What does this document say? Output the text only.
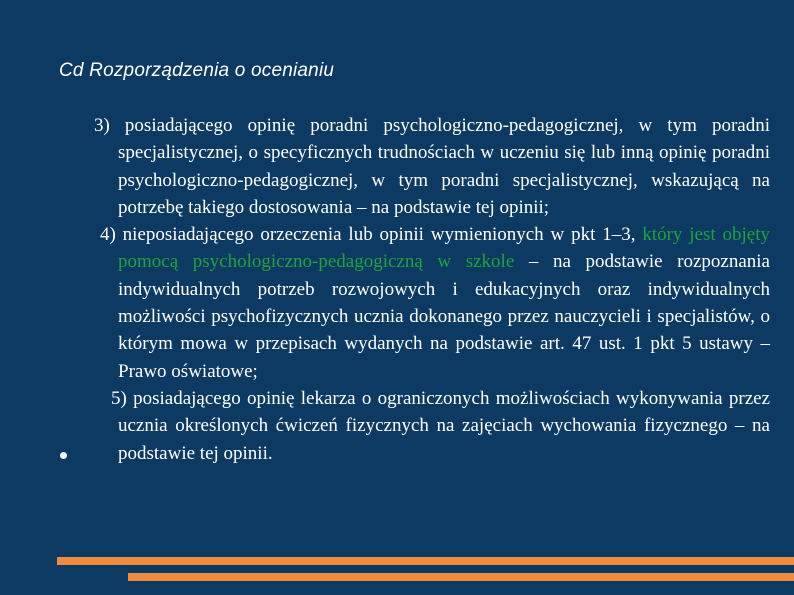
Cd Rozporządzenia o ocenianiu

3) posiadającego opinię poradni psychologiczno-pedagogicznej, w tym poradni specjalistycznej, o specyficznych trudnościach w uczeniu się lub inną opinię poradni psychologiczno-pedagogicznej, w tym poradni specjalistycznej, wskazującą na potrzebę takiego dostosowania – na podstawie tej opinii;

4) nieposiadającego orzeczenia lub opinii wymienionych w pkt 1–3, który jest objęty pomocą psychologiczno-pedagogiczną w szkole – na podstawie rozpoznania indywidualnych potrzeb rozwojowych i edukacyjnych oraz indywidualnych możliwości psychofizycznych ucznia dokonanego przez nauczycieli i specjalistów, o którym mowa w przepisach wydanych na podstawie art. 47 ust. 1 pkt 5 ustawy – Prawo oświatowe;

5) posiadającego opinię lekarza o ograniczonych możliwościach wykonywania przez ucznia określonych ćwiczeń fizycznych na zajęciach wychowania fizycznego – na podstawie tej opinii.
